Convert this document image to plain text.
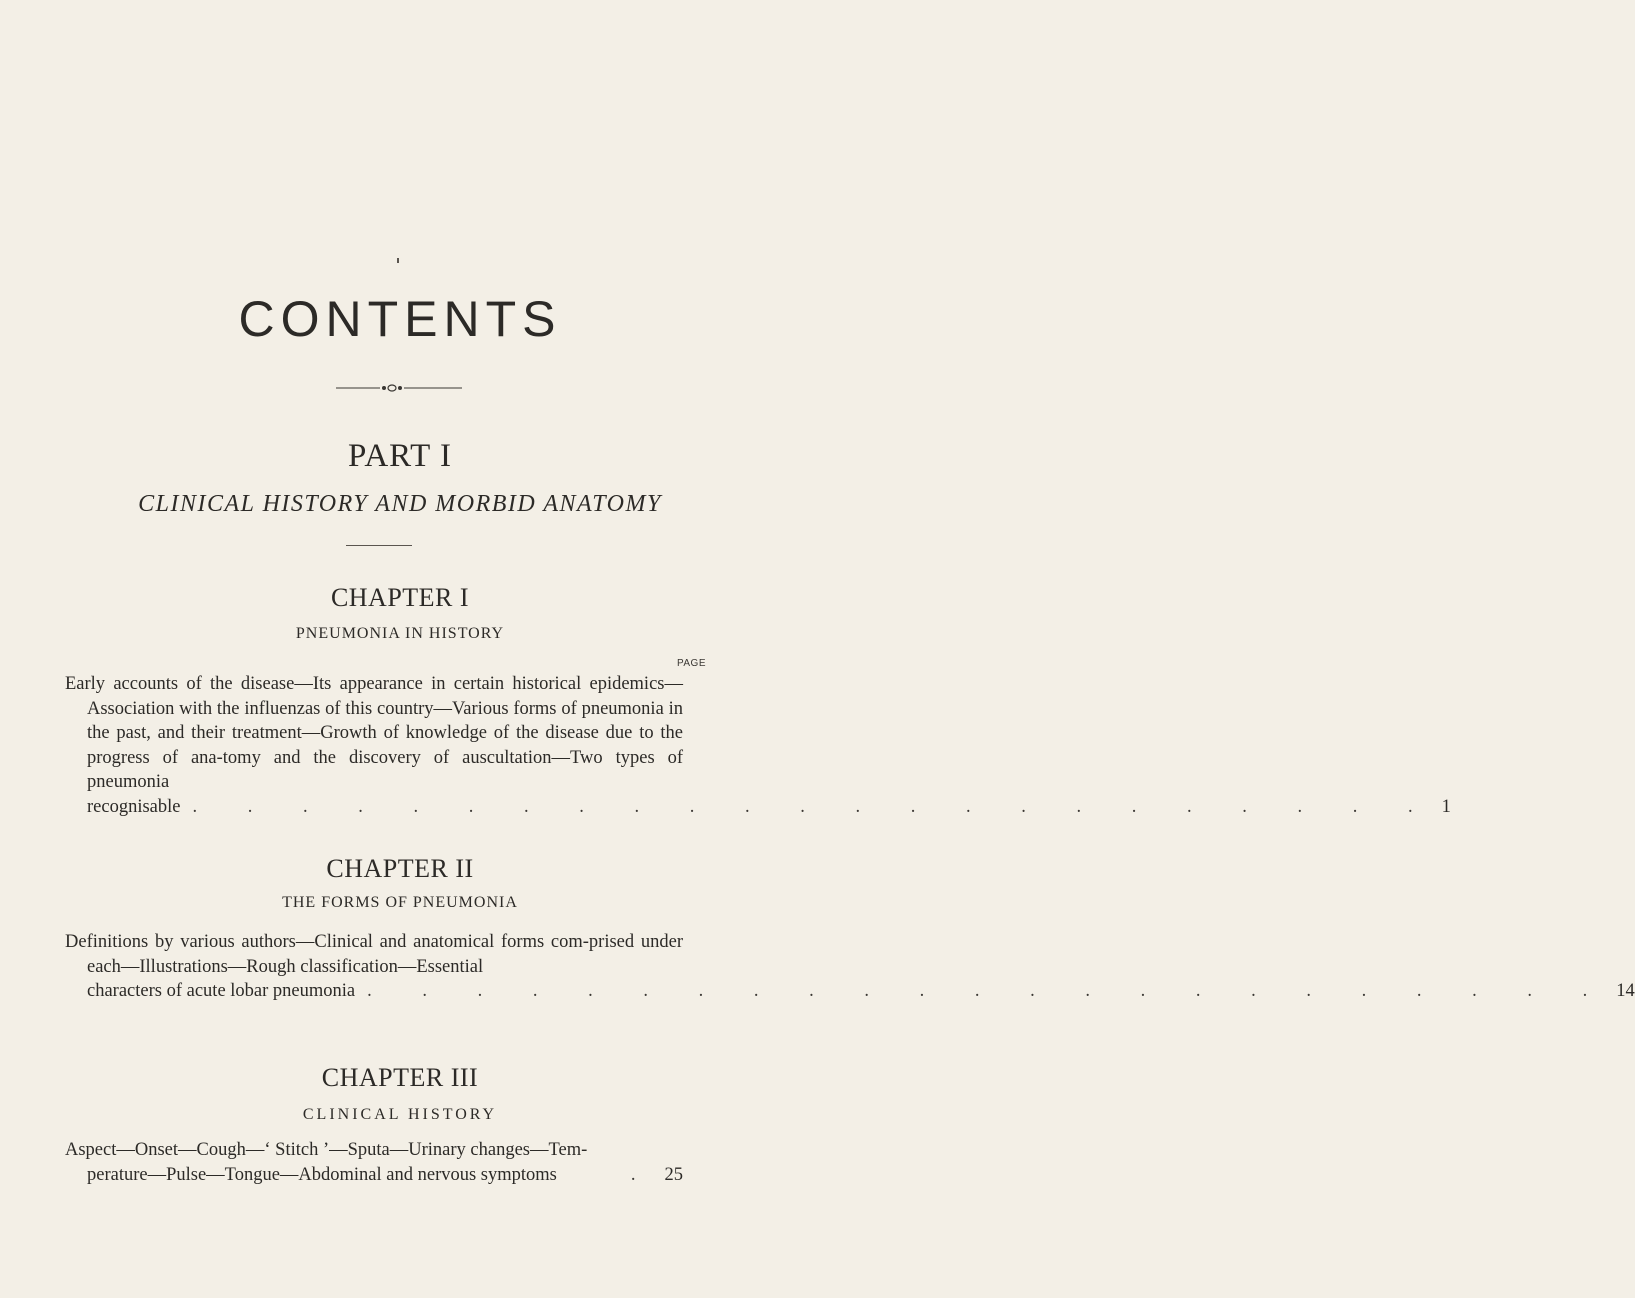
CONTENTS
PART I
CLINICAL HISTORY AND MORBID ANATOMY
CHAPTER I
PNEUMONIA IN HISTORY
PAGE

Early accounts of the disease—Its appearance in certain historical epidemics—Association with the influenzas of this country—Various forms of pneumonia in the past, and their treatment—Growth of knowledge of the disease due to the progress of ana-tomy and the discovery of auscultation—Two types of pneumonia

recognisable . . . . . . . . . . . . . . . . . . . . . . . 1
CHAPTER II
THE FORMS OF PNEUMONIA

Definitions by various authors—Clinical and anatomical forms com-prised under each—Illustrations—Rough classification—Essential

characters of acute lobar pneumonia . . . . . . . . . . . . . . . . . . . . . . . 14
CHAPTER III
CLINICAL HISTORY

Aspect—Onset—Cough—‘ Stitch ’—Sputa—Urinary changes—Tem-

perature—Pulse—Tongue—Abdominal and nervous symptoms	. 25
